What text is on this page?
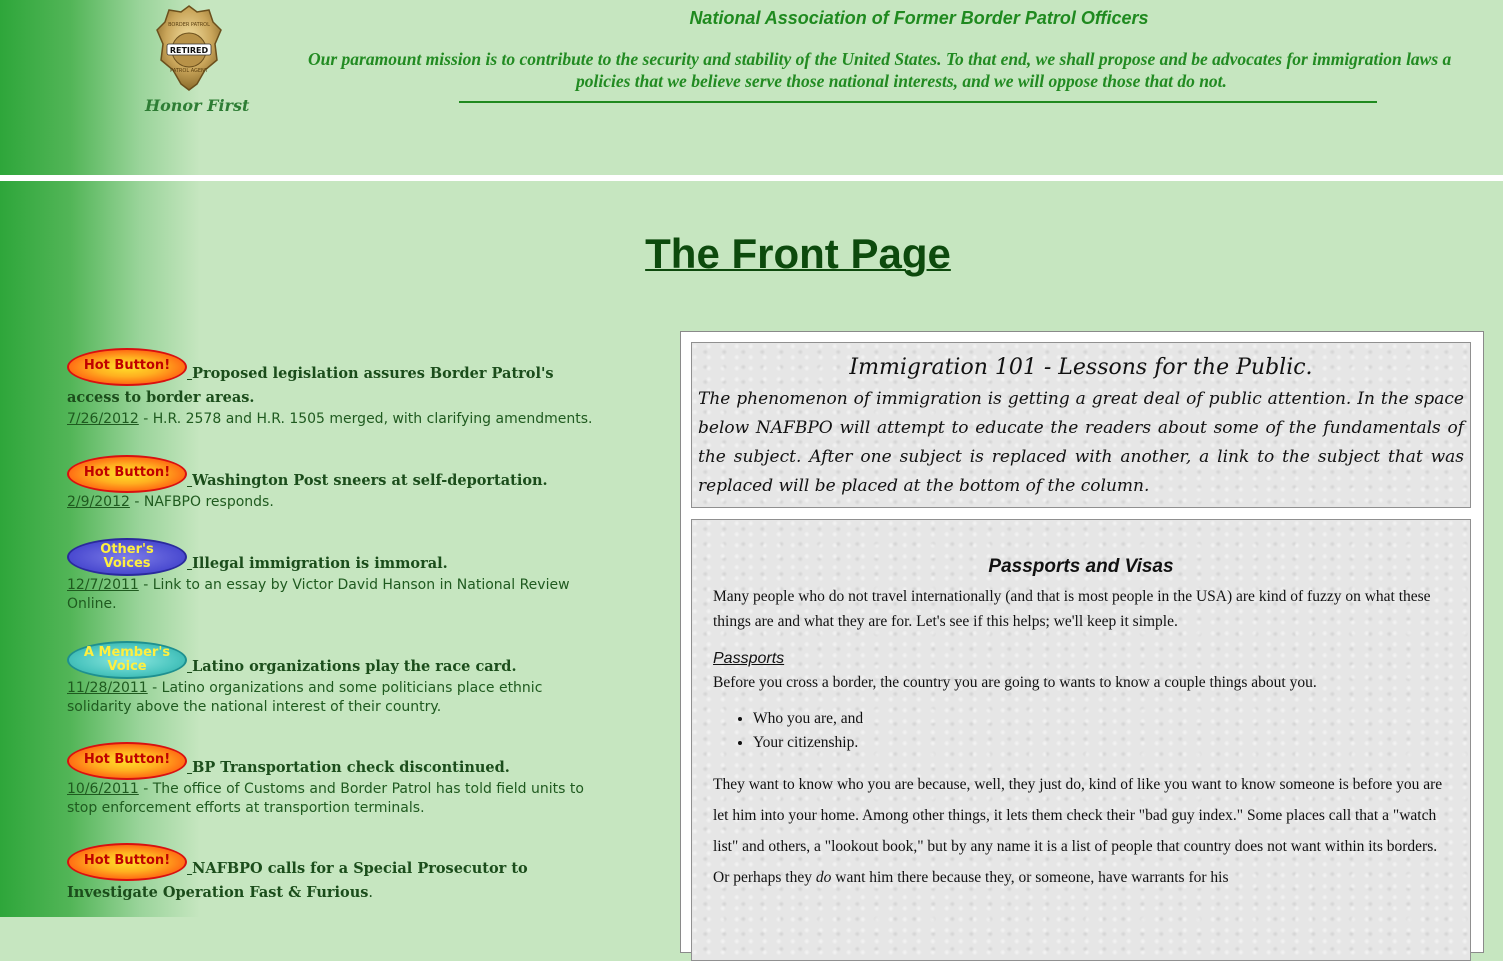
RETIRED
BORDER PATROL
PATROL AGENT
Honor First
National Association of Former Border Patrol Officers
Our paramount mission is to contribute to the security and stability of the United States. To that end, we shall propose and be advocates for immigration laws a
policies that we believe serve those national interests, and we will oppose those that do not.
The Front Page
Hot Button!	Proposed legislation assures Border Patrol's access to border areas.
7/26/2012 - H.R. 2578 and H.R. 1505 merged, with clarifying amendments.
Hot Button!	Washington Post sneers at self-deportation.
2/9/2012 - NAFBPO responds.
Other's
Voices	Illegal immigration is immoral.
12/7/2011 - Link to an essay by Victor David Hanson in National Review Online.
A Member's
Voice	Latino organizations play the race card.
11/28/2011 - Latino organizations and some politicians place ethnic solidarity above the national interest of their country.
Hot Button!	BP Transportation check discontinued.
10/6/2011 - The office of Customs and Border Patrol has told field units to stop enforcement efforts at transportion terminals.
Hot Button!	NAFBPO calls for a Special Prosecutor to Investigate Operation Fast & Furious.
Immigration 101 - Lessons for the Public.
The phenomenon of immigration is getting a great deal of public attention. In the space below NAFBPO will attempt to educate the readers about some of the fundamentals of the subject. After one subject is replaced with another, a link to the subject that was replaced will be placed at the bottom of the column.
Passports and Visas

Many people who do not travel internationally (and that is most people in the USA) are kind of fuzzy on what these things are and what they are for. Let's see if this helps; we'll keep it simple.

Passports

Before you cross a border, the country you are going to wants to know a couple things about you.

• Who you are, and
• Your citizenship.

They want to know who you are because, well, they just do, kind of like you want to know someone is before you are let him into your home. Among other things, it lets them check their "bad guy index." Some places call that a "watch list" and others, a "lookout book," but by any name it is a list of people that country does not want within its borders. Or perhaps they do want him there because they, or someone, have warrants for his
